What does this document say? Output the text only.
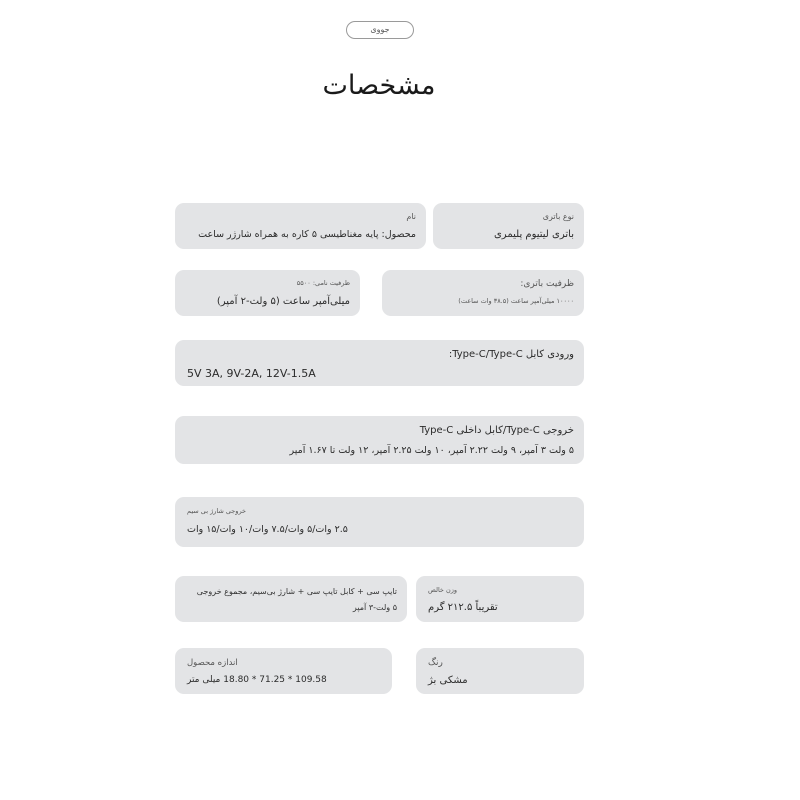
جووی
مشخصات
نوع باتری
باتری لیتیوم پلیمری
نام
محصول: پایه مغناطیسی ۵ کاره به همراه شارژر ساعت
ظرفیت باتری:
۱۰۰۰۰ میلی‌آمپر ساعت (۳۸.۵ وات ساعت)
ظرفیت نامی: ۵۵۰۰
میلی‌آمپر ساعت (۵ ولت-۲ آمپر)
ورودی کابل Type-C/Type-C:
5V 3A, 9V-2A, 12V-1.5A
خروجی Type-C/کابل داخلی Type-C
۵ ولت ۳ آمپر، ۹ ولت ۲.۲۲ آمپر، ۱۰ ولت ۲.۲۵ آمپر، ۱۲ ولت تا ۱.۶۷ آمپر
خروجی شارژ بی سیم
۲.۵ وات/۵ وات/۷.۵ وات/۱۰ وات/۱۵ وات
وزن خالص
تقریباً ۲۱۲.۵ گرم
تایپ سی + کابل تایپ سی + شارژ بی‌سیم، مجموع خروجی
۵ ولت-۳ آمپر
رنگ
مشکی بژ
اندازه محصول
109.58 * 71.25 * 18.80 میلی متر
